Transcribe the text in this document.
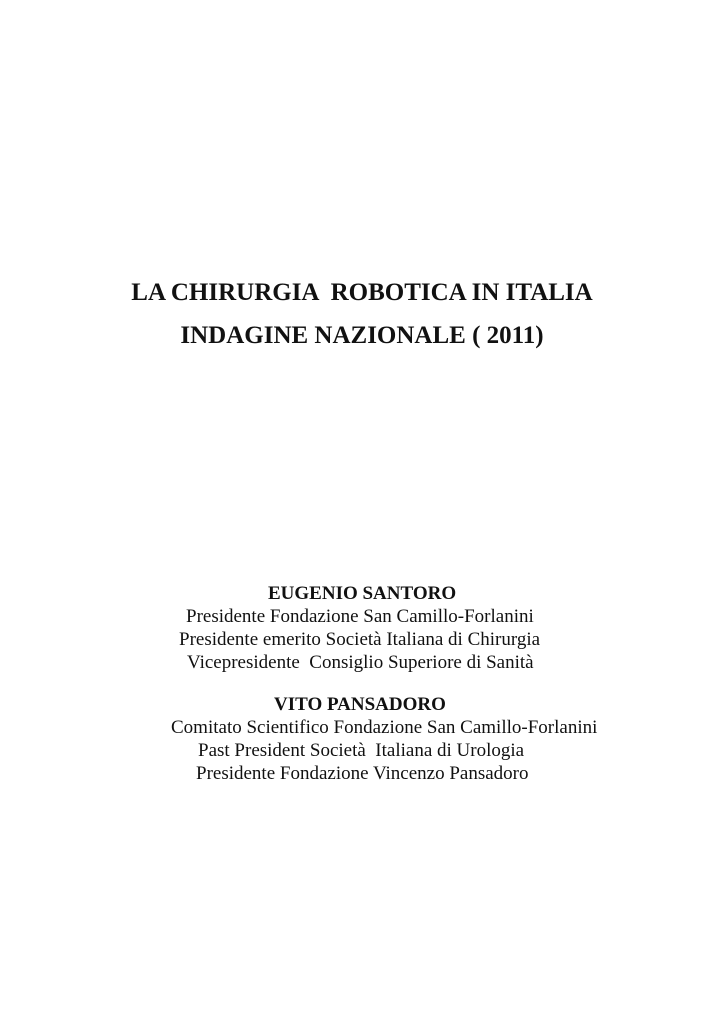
LA CHIRURGIA  ROBOTICA IN ITALIA
INDAGINE NAZIONALE ( 2011)
EUGENIO SANTORO
Presidente Fondazione San Camillo-Forlanini
Presidente emerito Società Italiana di Chirurgia
Vicepresidente  Consiglio Superiore di Sanità
VITO PANSADORO
Comitato Scientifico Fondazione San Camillo-Forlanini
Past President Società  Italiana di Urologia
Presidente Fondazione Vincenzo Pansadoro
